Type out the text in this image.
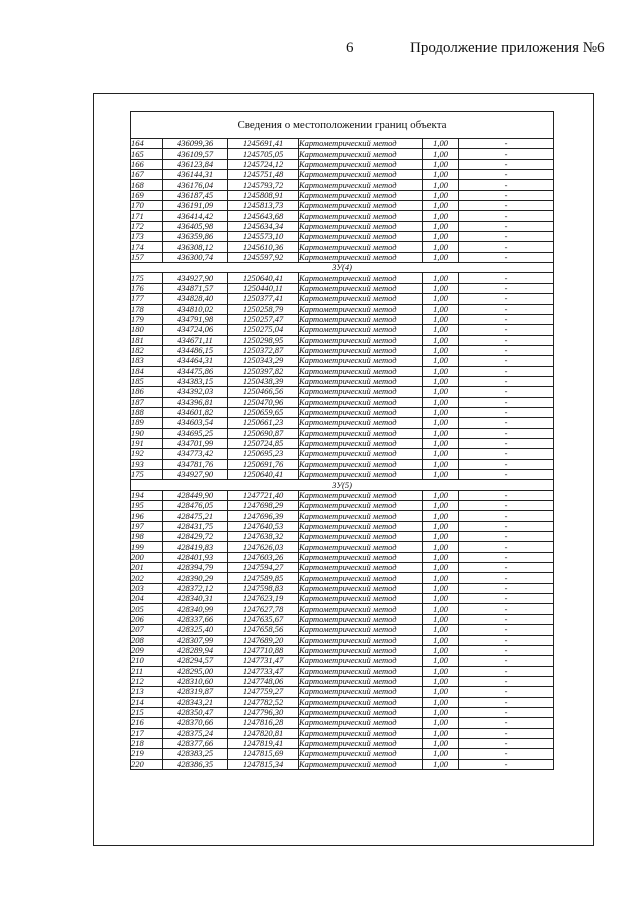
6	Продолжение приложения №6
Сведения о местоположении границ объекта					
164	436099,36	1245691,41	Картометрический метод	1,00	-
165	436109,57	1245705,05	Картометрический метод	1,00	-
166	436123,84	1245724,12	Картометрический метод	1,00	-
167	436144,31	1245751,48	Картометрический метод	1,00	-
168	436176,04	1245793,72	Картометрический метод	1,00	-
169	436187,45	1245808,91	Картометрический метод	1,00	-
170	436191,09	1245813,73	Картометрический метод	1,00	-
171	436414,42	1245643,68	Картометрический метод	1,00	-
172	436405,98	1245634,34	Картометрический метод	1,00	-
173	436359,86	1245573,10	Картометрический метод	1,00	-
174	436308,12	1245610,36	Картометрический метод	1,00	-
157	436300,74	1245597,92	Картометрический метод	1,00	-
3У(4)					
175	434927,90	1250640,41	Картометрический метод	1,00	-
176	434871,57	1250440,11	Картометрический метод	1,00	-
177	434828,40	1250377,41	Картометрический метод	1,00	-
178	434810,02	1250258,79	Картометрический метод	1,00	-
179	434791,98	1250257,47	Картометрический метод	1,00	-
180	434724,06	1250275,04	Картометрический метод	1,00	-
181	434671,11	1250298,95	Картометрический метод	1,00	-
182	434486,15	1250372,87	Картометрический метод	1,00	-
183	434464,31	1250343,29	Картометрический метод	1,00	-
184	434475,86	1250397,82	Картометрический метод	1,00	-
185	434383,15	1250438,39	Картометрический метод	1,00	-
186	434392,03	1250466,56	Картометрический метод	1,00	-
187	434396,81	1250470,96	Картометрический метод	1,00	-
188	434601,82	1250659,65	Картометрический метод	1,00	-
189	434603,54	1250661,23	Картометрический метод	1,00	-
190	434695,25	1250690,87	Картометрический метод	1,00	-
191	434701,99	1250724,85	Картометрический метод	1,00	-
192	434773,42	1250695,23	Картометрический метод	1,00	-
193	434781,76	1250691,76	Картометрический метод	1,00	-
175	434927,90	1250640,41	Картометрический метод	1,00	-
3У(5)					
194	428449,90	1247721,40	Картометрический метод	1,00	-
195	428476,05	1247698,29	Картометрический метод	1,00	-
196	428475,21	1247696,39	Картометрический метод	1,00	-
197	428431,75	1247640,53	Картометрический метод	1,00	-
198	428429,72	1247638,32	Картометрический метод	1,00	-
199	428419,83	1247626,03	Картометрический метод	1,00	-
200	428401,93	1247603,26	Картометрический метод	1,00	-
201	428394,79	1247594,27	Картометрический метод	1,00	-
202	428390,29	1247589,85	Картометрический метод	1,00	-
203	428372,12	1247598,83	Картометрический метод	1,00	-
204	428340,31	1247623,19	Картометрический метод	1,00	-
205	428340,99	1247627,78	Картометрический метод	1,00	-
206	428337,66	1247635,67	Картометрический метод	1,00	-
207	428325,40	1247658,56	Картометрический метод	1,00	-
208	428307,99	1247689,20	Картометрический метод	1,00	-
209	428289,94	1247710,88	Картометрический метод	1,00	-
210	428294,57	1247731,47	Картометрический метод	1,00	-
211	428295,00	1247733,47	Картометрический метод	1,00	-
212	428310,60	1247748,06	Картометрический метод	1,00	-
213	428319,87	1247759,27	Картометрический метод	1,00	-
214	428343,21	1247782,52	Картометрический метод	1,00	-
215	428350,47	1247796,30	Картометрический метод	1,00	-
216	428370,66	1247816,28	Картометрический метод	1,00	-
217	428375,24	1247820,81	Картометрический метод	1,00	-
218	428377,66	1247819,41	Картометрический метод	1,00	-
219	428383,25	1247815,69	Картометрический метод	1,00	-
220	428386,35	1247815,34	Картометрический метод	1,00	-
